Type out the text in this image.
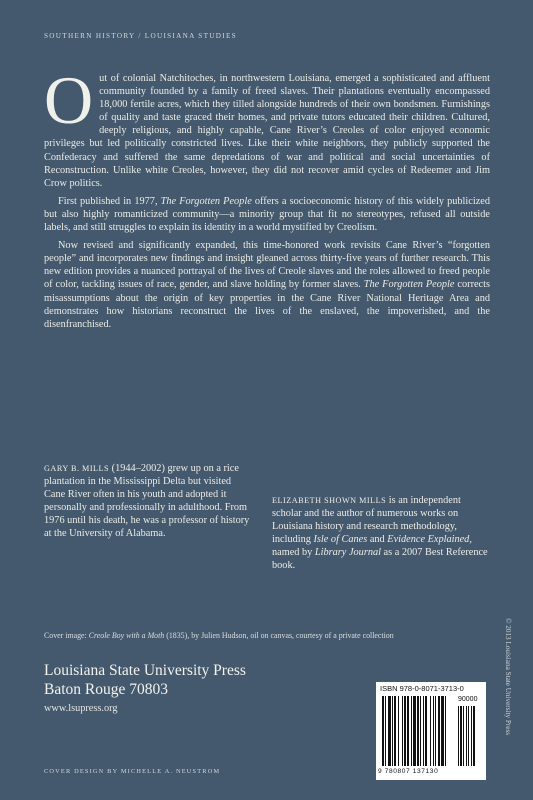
SOUTHERN HISTORY / LOUISIANA STUDIES

Out of colonial Natchitoches, in northwestern Louisiana, emerged a sophisticated and affluent community founded by a family of freed slaves. Their plantations eventually encompassed 18,000 fertile acres, which they tilled alongside hundreds of their own bondsmen. Furnishings of quality and taste graced their homes, and private tutors educated their children. Cultured, deeply religious, and highly capable, Cane River’s Creoles of color enjoyed economic privileges but led politically constricted lives. Like their white neighbors, they publicly supported the Confederacy and suffered the same depredations of war and political and social uncertainties of Reconstruction. Unlike white Creoles, however, they did not recover amid cycles of Redeemer and Jim Crow politics.

First published in 1977, The Forgotten People offers a socioeconomic history of this widely publicized but also highly romanticized community—a minority group that fit no stereotypes, refused all outside labels, and still struggles to explain its identity in a world mystified by Creolism.

Now revised and significantly expanded, this time-honored work revisits Cane River’s “forgotten people” and incorporates new findings and insight gleaned across thirty-five years of further research. This new edition provides a nuanced portrayal of the lives of Creole slaves and the roles allowed to freed people of color, tackling issues of race, gender, and slave holding by former slaves. The Forgotten People corrects misassumptions about the origin of key properties in the Cane River National Heritage Area and demonstrates how historians reconstruct the lives of the enslaved, the impoverished, and the disenfranchised.

GARY B. MILLS (1944–2002) grew up on a rice plantation in the Mississippi Delta but visited Cane River often in his youth and adopted it personally and professionally in adulthood. From 1976 until his death, he was a professor of history at the University of Alabama.
ELIZABETH SHOWN MILLS is an independent scholar and the author of numerous works on Louisiana history and research methodology, including Isle of Canes and Evidence Explained, named by Library Journal as a 2007 Best Reference book.
Cover image: Creole Boy with a Moth (1835), by Julien Hudson, oil on canvas, courtesy of a private collection
Louisiana State University Press
Baton Rouge 70803
www.lsupress.org
COVER DESIGN BY MICHELLE A. NEUSTROM
ISBN 978-0-8071-3713-0
9 780807 137130
90000	© 2013 Louisiana State University Press
